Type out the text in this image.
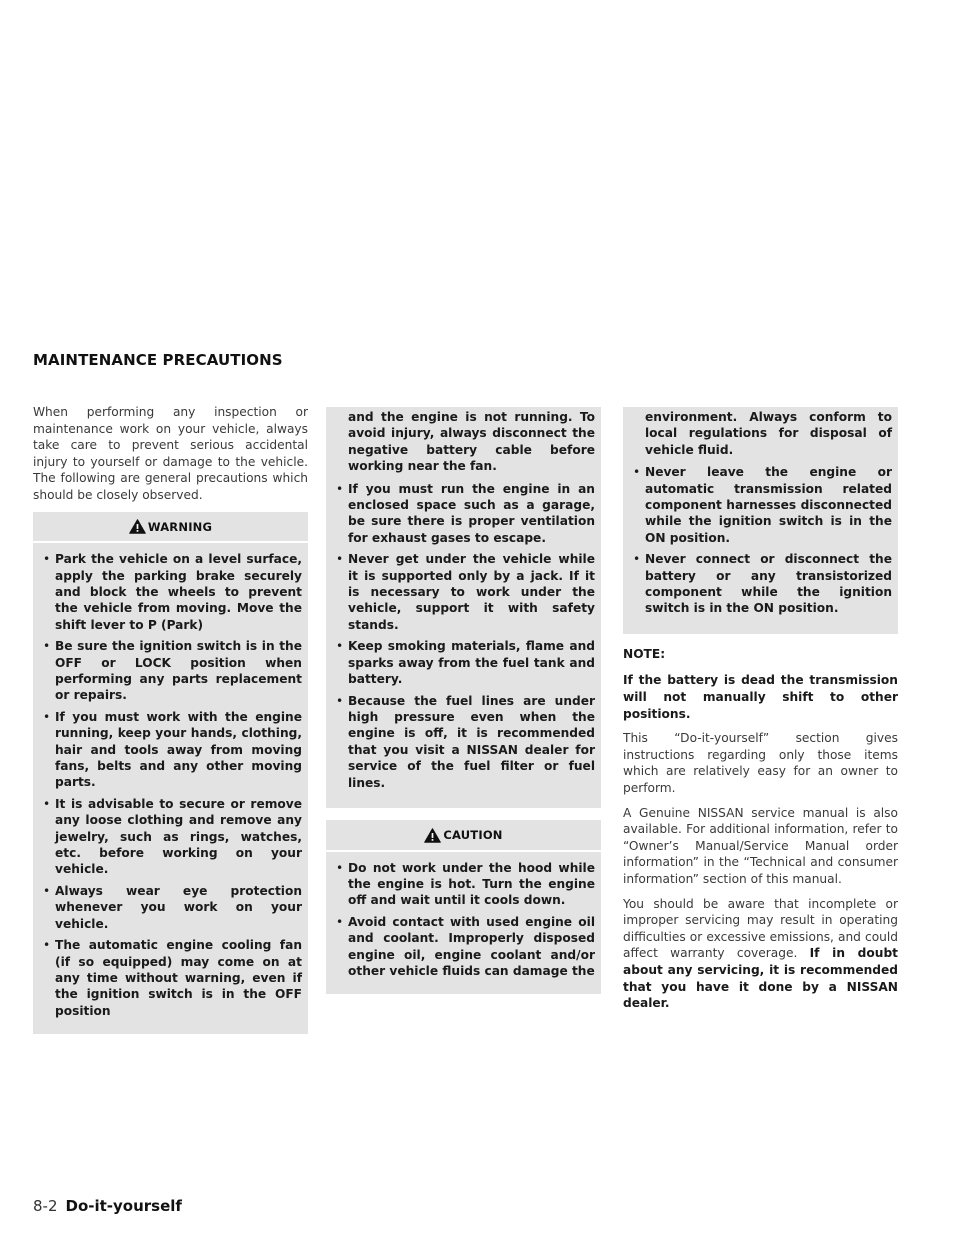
MAINTENANCE PRECAUTIONS

When performing any inspection or maintenance work on your vehicle, always take care to prevent serious accidental injury to yourself or damage to the vehicle. The following are general precautions which should be closely observed.

WARNING
• Park the vehicle on a level surface, apply the parking brake securely and block the wheels to prevent the vehicle from moving. Move the shift lever to P (Park)
• Be sure the ignition switch is in the OFF or LOCK position when performing any parts replacement or repairs.
• If you must work with the engine running, keep your hands, clothing, hair and tools away from moving fans, belts and any other moving parts.
• It is advisable to secure or remove any loose clothing and remove any jewelry, such as rings, watches, etc. before working on your vehicle.
• Always wear eye protection whenever you work on your vehicle.
• The automatic engine cooling fan (if so equipped) may come on at any time without warning, even if the ignition switch is in the OFF position
and the engine is not running. To avoid injury, always disconnect the negative battery cable before working near the fan.
• If you must run the engine in an enclosed space such as a garage, be sure there is proper ventilation for exhaust gases to escape.
• Never get under the vehicle while it is supported only by a jack. If it is necessary to work under the vehicle, support it with safety stands.
• Keep smoking materials, flame and sparks away from the fuel tank and battery.
• Because the fuel lines are under high pressure even when the engine is off, it is recommended that you visit a NISSAN dealer for service of the fuel filter or fuel lines.
CAUTION
• Do not work under the hood while the engine is hot. Turn the engine off and wait until it cools down.
• Avoid contact with used engine oil and coolant. Improperly disposed engine oil, engine coolant and/or other vehicle fluids can damage the
environment. Always conform to local regulations for disposal of vehicle fluid.
• Never leave the engine or automatic transmission related component harnesses disconnected while the ignition switch is in the ON position.
• Never connect or disconnect the battery or any transistorized component while the ignition switch is in the ON position.
NOTE:

If the battery is dead the transmission will not manually shift to other positions.

This “Do-it-yourself” section gives instructions regarding only those items which are relatively easy for an owner to perform.

A Genuine NISSAN service manual is also available. For additional information, refer to “Owner’s Manual/Service Manual order information” in the “Technical and consumer information” section of this manual.

You should be aware that incomplete or improper servicing may result in operating difficulties or excessive emissions, and could affect warranty coverage. If in doubt about any servicing, it is recommended that you have it done by a NISSAN dealer.

8-2 Do-it-yourself
